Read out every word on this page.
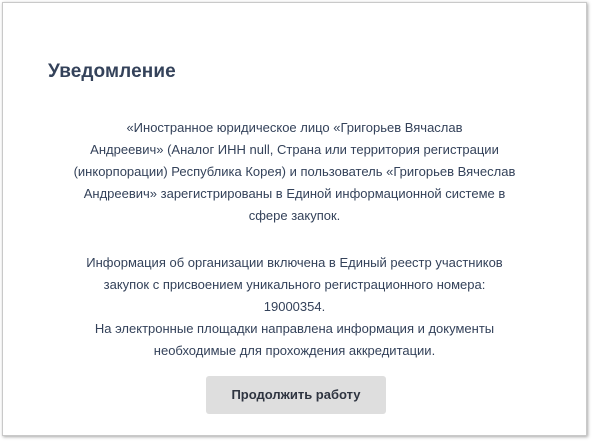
Уведомление
«Иностранное юридическое лицо «Григорьев Вячаслав
Андреевич» (Аналог ИНН null, Страна или территория регистрации
(инкорпорации) Республика Корея) и пользователь «Григорьев Вячеслав
Андреевич» зарегистрированы в Единой информационной системе в
сфере закупок.
Информация об организации включена в Единый реестр участников
закупок с присвоением уникального регистрационного номера:
19000354.
На электронные площадки направлена информация и документы
необходимые для прохождения аккредитации.
Продолжить работу
